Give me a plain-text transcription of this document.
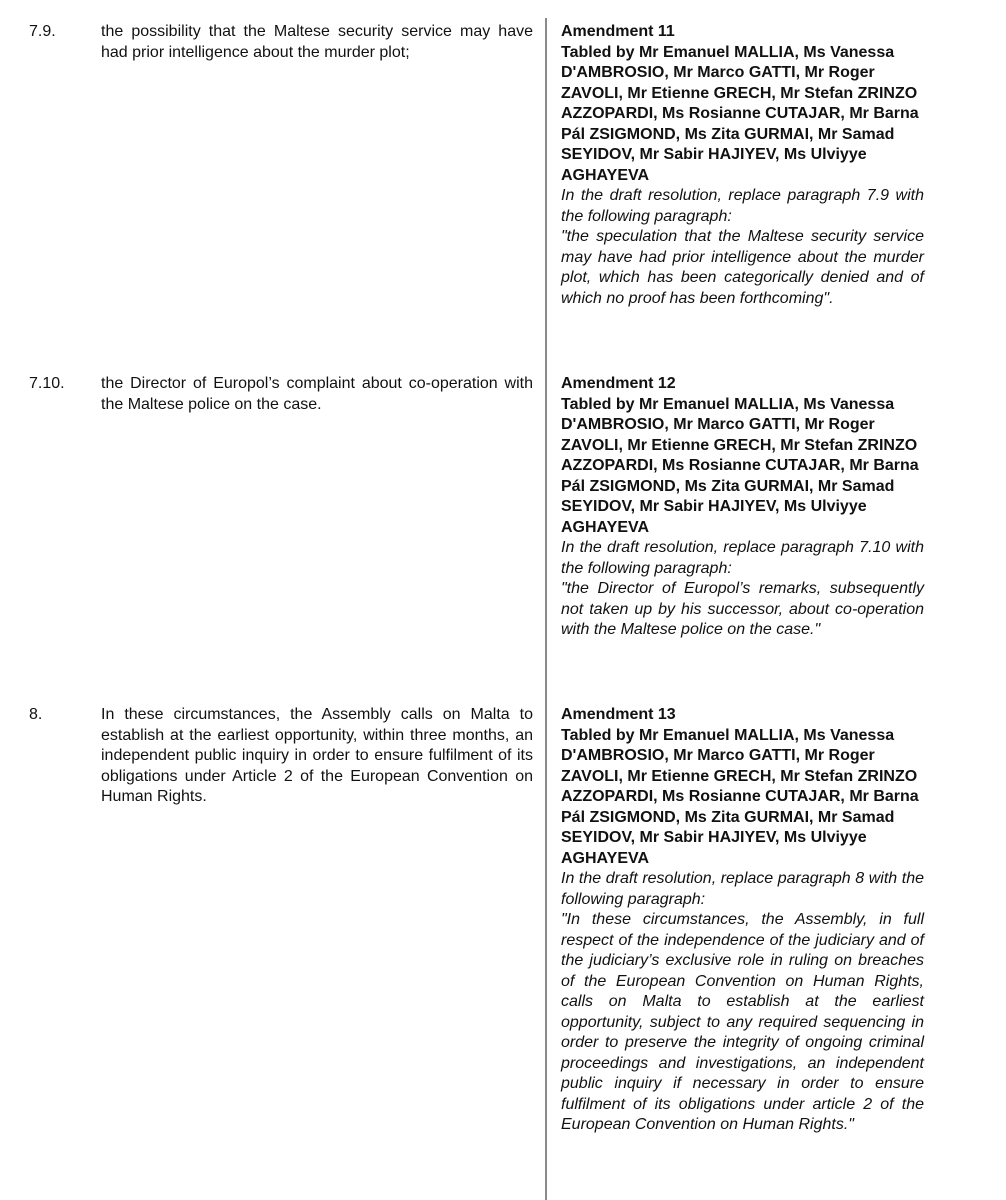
7.9.	the possibility that the Maltese security service may have had prior intelligence about the murder plot;

Amendment 11

Tabled by Mr Emanuel MALLIA, Ms Vanessa D'AMBROSIO, Mr Marco GATTI, Mr Roger ZAVOLI, Mr Etienne GRECH, Mr Stefan ZRINZO AZZOPARDI, Ms Rosianne CUTAJAR, Mr Barna Pál ZSIGMOND, Ms Zita GURMAI, Mr Samad SEYIDOV, Mr Sabir HAJIYEV, Ms Ulviyye AGHAYEVA

In the draft resolution, replace paragraph 7.9 with the following paragraph:

"the speculation that the Maltese security service may have had prior intelligence about the murder plot, which has been categorically denied and of which no proof has been forthcoming".

7.10.	the Director of Europol’s complaint about co-operation with the Maltese police on the case.

Amendment 12

Tabled by Mr Emanuel MALLIA, Ms Vanessa D'AMBROSIO, Mr Marco GATTI, Mr Roger ZAVOLI, Mr Etienne GRECH, Mr Stefan ZRINZO AZZOPARDI, Ms Rosianne CUTAJAR, Mr Barna Pál ZSIGMOND, Ms Zita GURMAI, Mr Samad SEYIDOV, Mr Sabir HAJIYEV, Ms Ulviyye AGHAYEVA

In the draft resolution, replace paragraph 7.10 with the following paragraph:

"the Director of Europol’s remarks, subsequently not taken up by his successor, about co-operation with the Maltese police on the case."

8.	In these circumstances, the Assembly calls on Malta to establish at the earliest opportunity, within three months, an independent public inquiry in order to ensure fulfilment of its obligations under Article 2 of the European Convention on Human Rights.

Amendment 13

Tabled by Mr Emanuel MALLIA, Ms Vanessa D'AMBROSIO, Mr Marco GATTI, Mr Roger ZAVOLI, Mr Etienne GRECH, Mr Stefan ZRINZO AZZOPARDI, Ms Rosianne CUTAJAR, Mr Barna Pál ZSIGMOND, Ms Zita GURMAI, Mr Samad SEYIDOV, Mr Sabir HAJIYEV, Ms Ulviyye AGHAYEVA

In the draft resolution, replace paragraph 8 with the following paragraph:

"In these circumstances, the Assembly, in full respect of the independence of the judiciary and of the judiciary’s exclusive role in ruling on breaches of the European Convention on Human Rights, calls on Malta to establish at the earliest opportunity, subject to any required sequencing in order to preserve the integrity of ongoing criminal proceedings and investigations, an independent public inquiry if necessary in order to ensure fulfilment of its obligations under article 2 of the European Convention on Human Rights."
